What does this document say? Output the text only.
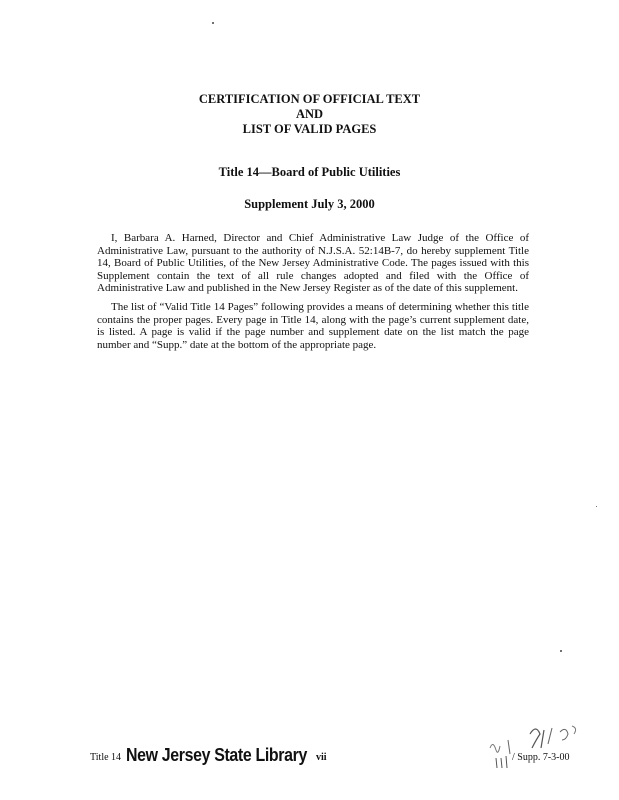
CERTIFICATION OF OFFICIAL TEXT
AND
LIST OF VALID PAGES
Title 14—Board of Public Utilities
Supplement July 3, 2000

I, Barbara A. Harned, Director and Chief Administrative Law Judge of the Office of Administrative Law, pursuant to the authority of N.J.S.A. 52:14B-7, do hereby supplement Title 14, Board of Public Utilities, of the New Jersey Administrative Code. The pages issued with this Supplement contain the text of all rule changes adopted and filed with the Office of Administrative Law and published in the New Jersey Register as of the date of this supplement.

The list of “Valid Title 14 Pages” following provides a means of determining whether this title contains the proper pages. Every page in Title 14, along with the page’s current supplement date, is listed. A page is valid if the page number and supplement date on the list match the page number and “Supp.” date at the bottom of the appropriate page.

Title 14 New Jersey State Library vii	/ Supp. 7-3-00
